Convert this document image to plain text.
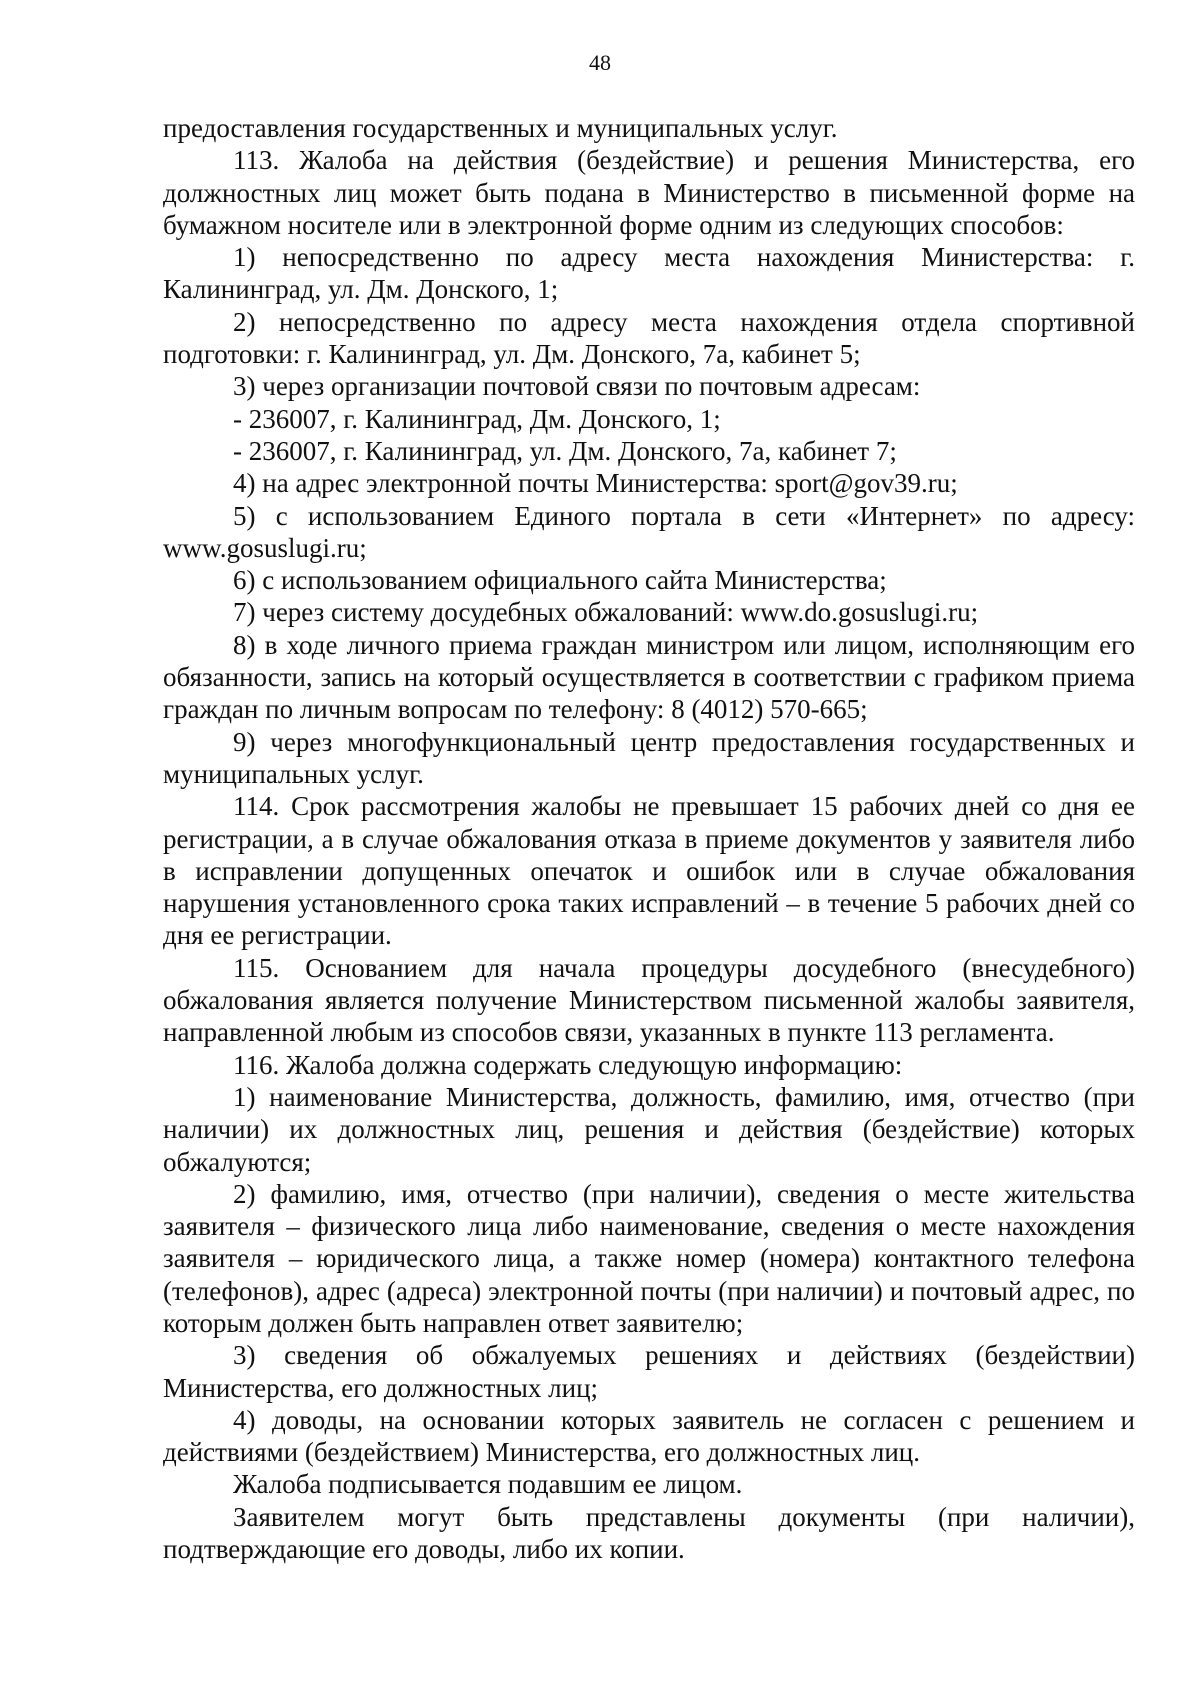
48

предоставления государственных и муниципальных услуг.

113. Жалоба на действия (бездействие) и решения Министерства, его должностных лиц может быть подана в Министерство в письменной форме на бумажном носителе или в электронной форме одним из следующих способов:

1) непосредственно по адресу места нахождения Министерства: г. Калининград, ул. Дм. Донского, 1;

2) непосредственно по адресу места нахождения отдела спортивной подготовки: г. Калининград, ул. Дм. Донского, 7а, кабинет 5;

3) через организации почтовой связи по почтовым адресам:

- 236007, г. Калининград, Дм. Донского, 1;

- 236007, г. Калининград, ул. Дм. Донского, 7а, кабинет 7;

4) на адрес электронной почты Министерства: sport@gov39.ru;

5) с использованием Единого портала в сети «Интернет» по адресу: www.gosuslugi.ru;

6) с использованием официального сайта Министерства;

7) через систему досудебных обжалований: www.do.gosuslugi.ru;

8) в ходе личного приема граждан министром или лицом, исполняющим его обязанности, запись на который осуществляется в соответствии с графиком приема граждан по личным вопросам по телефону: 8 (4012) 570-665;

9) через многофункциональный центр предоставления государственных и муниципальных услуг.

114. Срок рассмотрения жалобы не превышает 15 рабочих дней со дня ее регистрации, а в случае обжалования отказа в приеме документов у заявителя либо в исправлении допущенных опечаток и ошибок или в случае обжалования нарушения установленного срока таких исправлений – в течение 5 рабочих дней со дня ее регистрации.

115. Основанием для начала процедуры досудебного (внесудебного) обжалования является получение Министерством письменной жалобы заявителя, направленной любым из способов связи, указанных в пункте 113 регламента.

116. Жалоба должна содержать следующую информацию:

1) наименование Министерства, должность, фамилию, имя, отчество (при наличии) их должностных лиц, решения и действия (бездействие) которых обжалуются;

2) фамилию, имя, отчество (при наличии), сведения о месте жительства заявителя – физического лица либо наименование, сведения о месте нахождения заявителя – юридического лица, а также номер (номера) контактного телефона (телефонов), адрес (адреса) электронной почты (при наличии) и почтовый адрес, по которым должен быть направлен ответ заявителю;

3) сведения об обжалуемых решениях и действиях (бездействии) Министерства, его должностных лиц;

4) доводы, на основании которых заявитель не согласен с решением и действиями (бездействием) Министерства, его должностных лиц.

Жалоба подписывается подавшим ее лицом.

Заявителем могут быть представлены документы (при наличии), подтверждающие его доводы, либо их копии.
